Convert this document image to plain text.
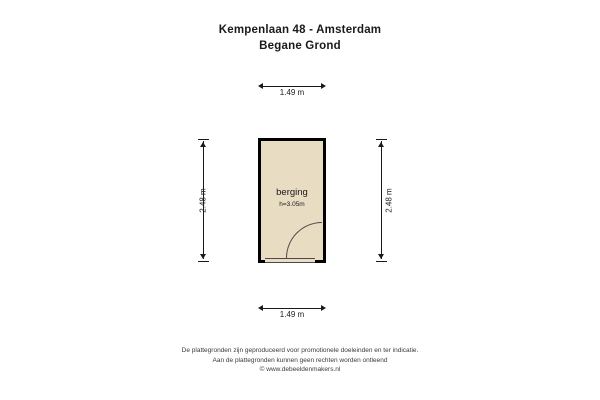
Kempenlaan 48 - Amsterdam
Begane Grond
1.49 m
2.48 m	2.48 m
berging
h=3.05m
1.49 m
De plattegronden zijn geproduceerd voor promotionele doeleinden en ter indicatie.
Aan de plattegronden kunnen geen rechten worden ontleend
© www.debeeldenmakers.nl
